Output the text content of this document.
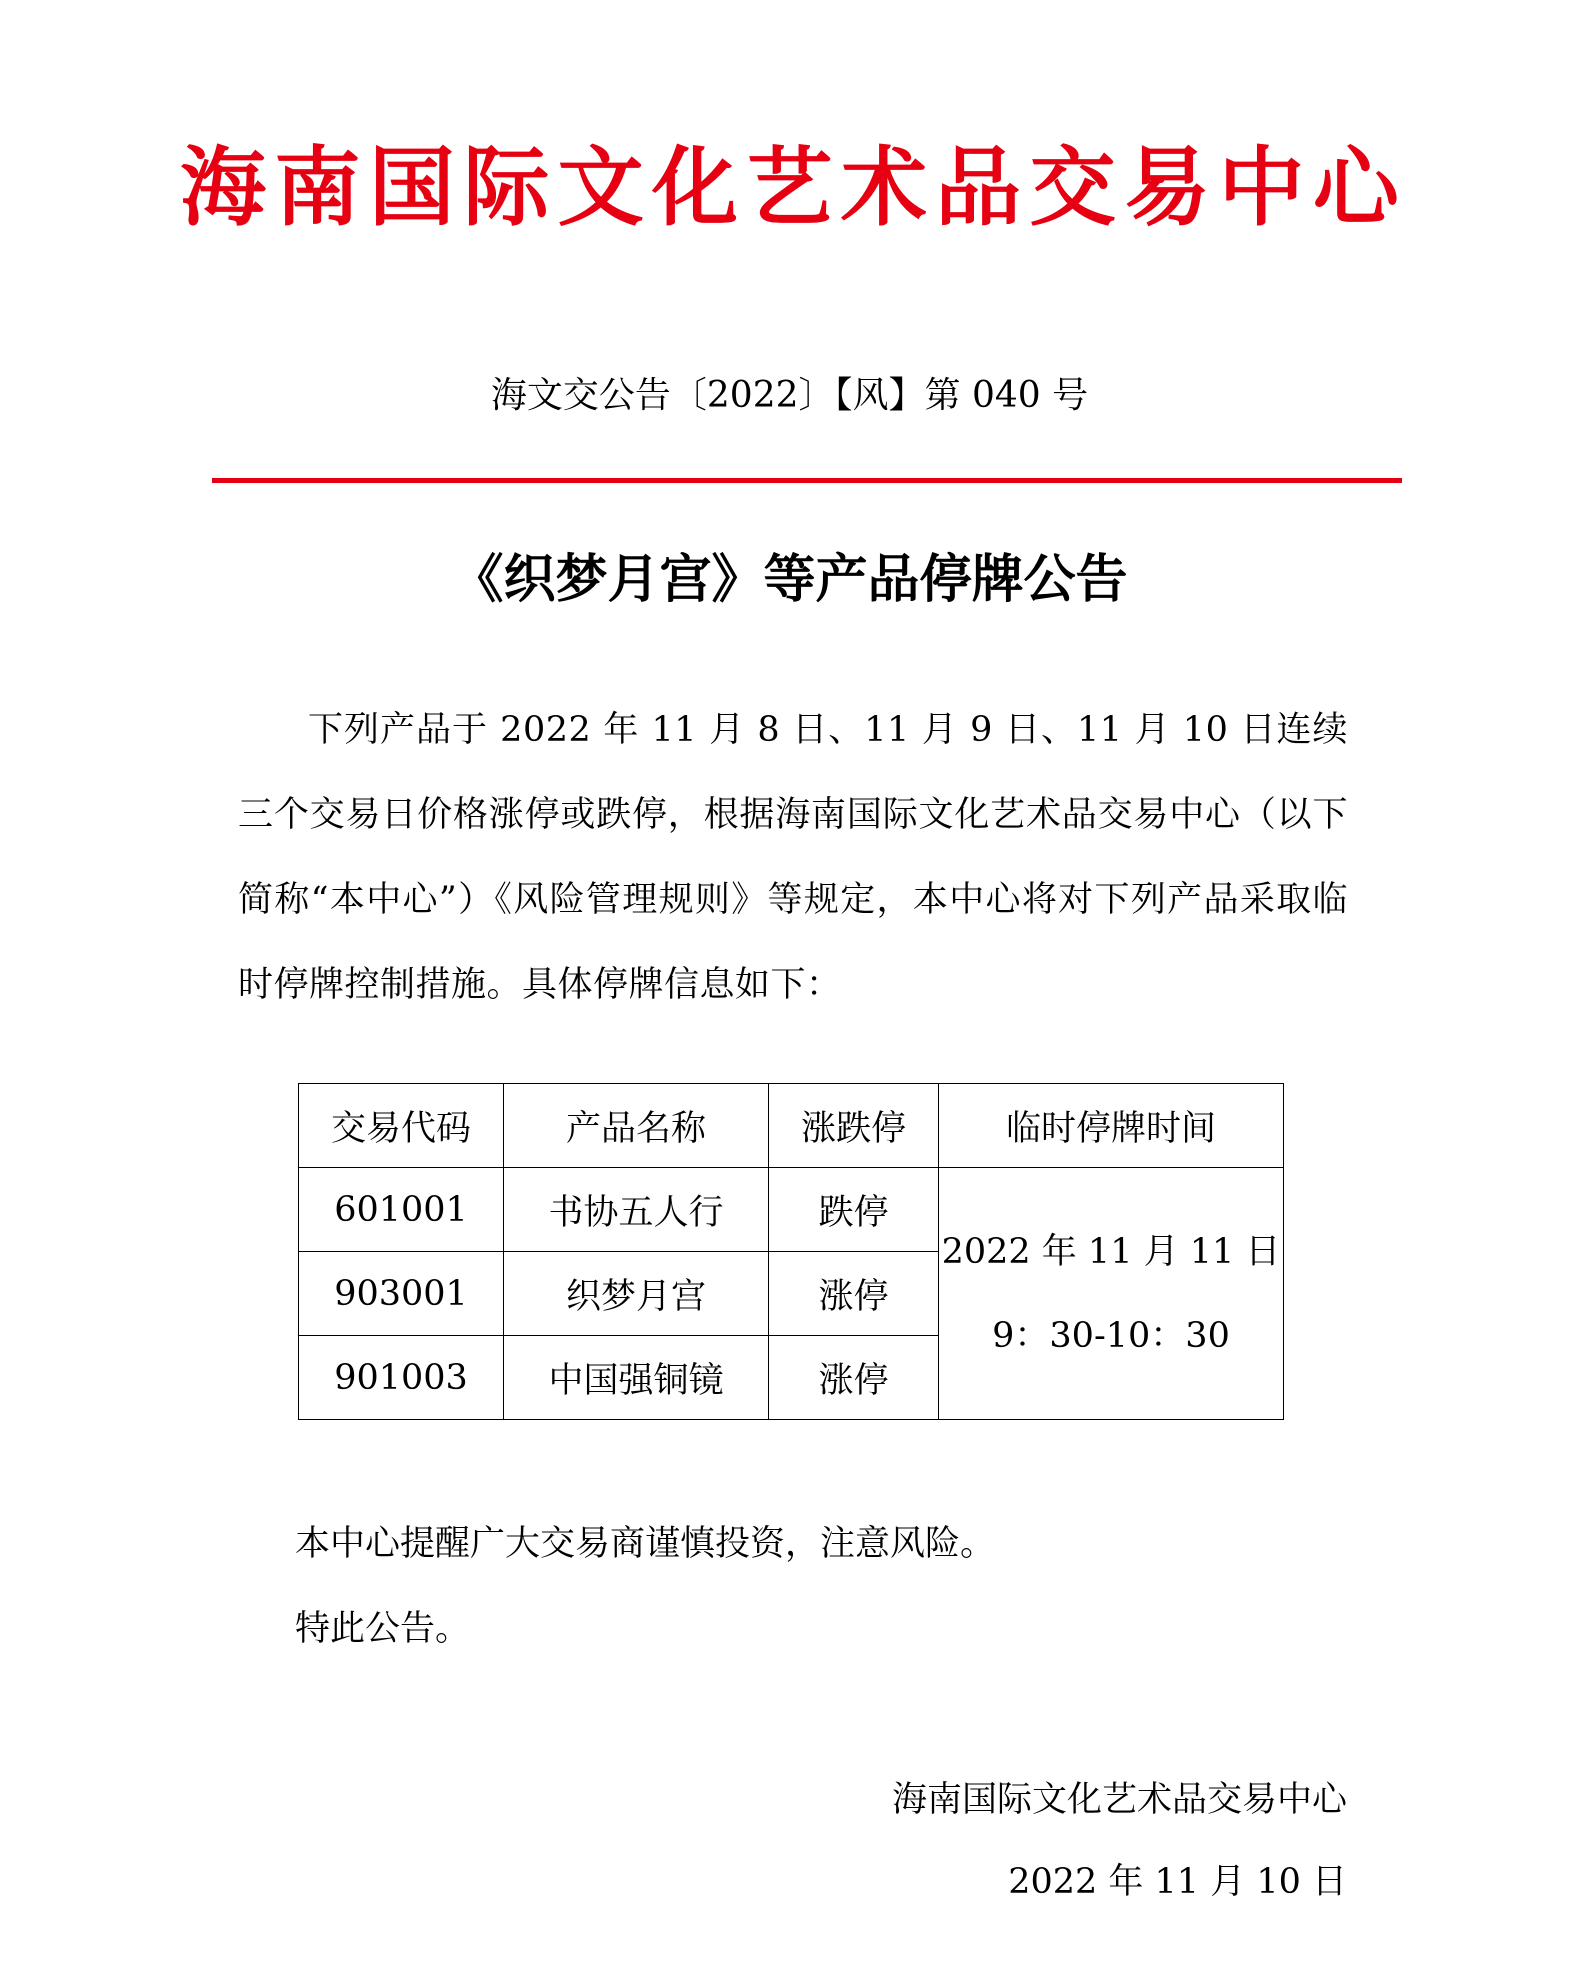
海 南 国 际 文 化 艺 术 品 交 易 中 心
海文交公告〔2022〕【风】第 040 号
《织梦月宫》等产品停牌公告

下列产品于 2022 年 11 月 8 日、11 月 9 日、11 月 10 日连续三个交易日价格涨停或跌停，根据海南国际文化艺术品交易中心（以下简称“本中心”）《风险管理规则》等规定，本中心将对下列产品采取临时停牌控制措施。具体停牌信息如下：

交易代码	产品名称	涨跌停	临时停牌时间
601001	书协五人行	跌停	2022 年 11 月 11 日
9：30-10：30

903001	织梦月宫	涨停	
901003	中国强铜镜	涨停	
本中心提醒广大交易商谨慎投资，注意风险。
特此公告。
海南国际文化艺术品交易中心
2022 年 11 月 10 日
